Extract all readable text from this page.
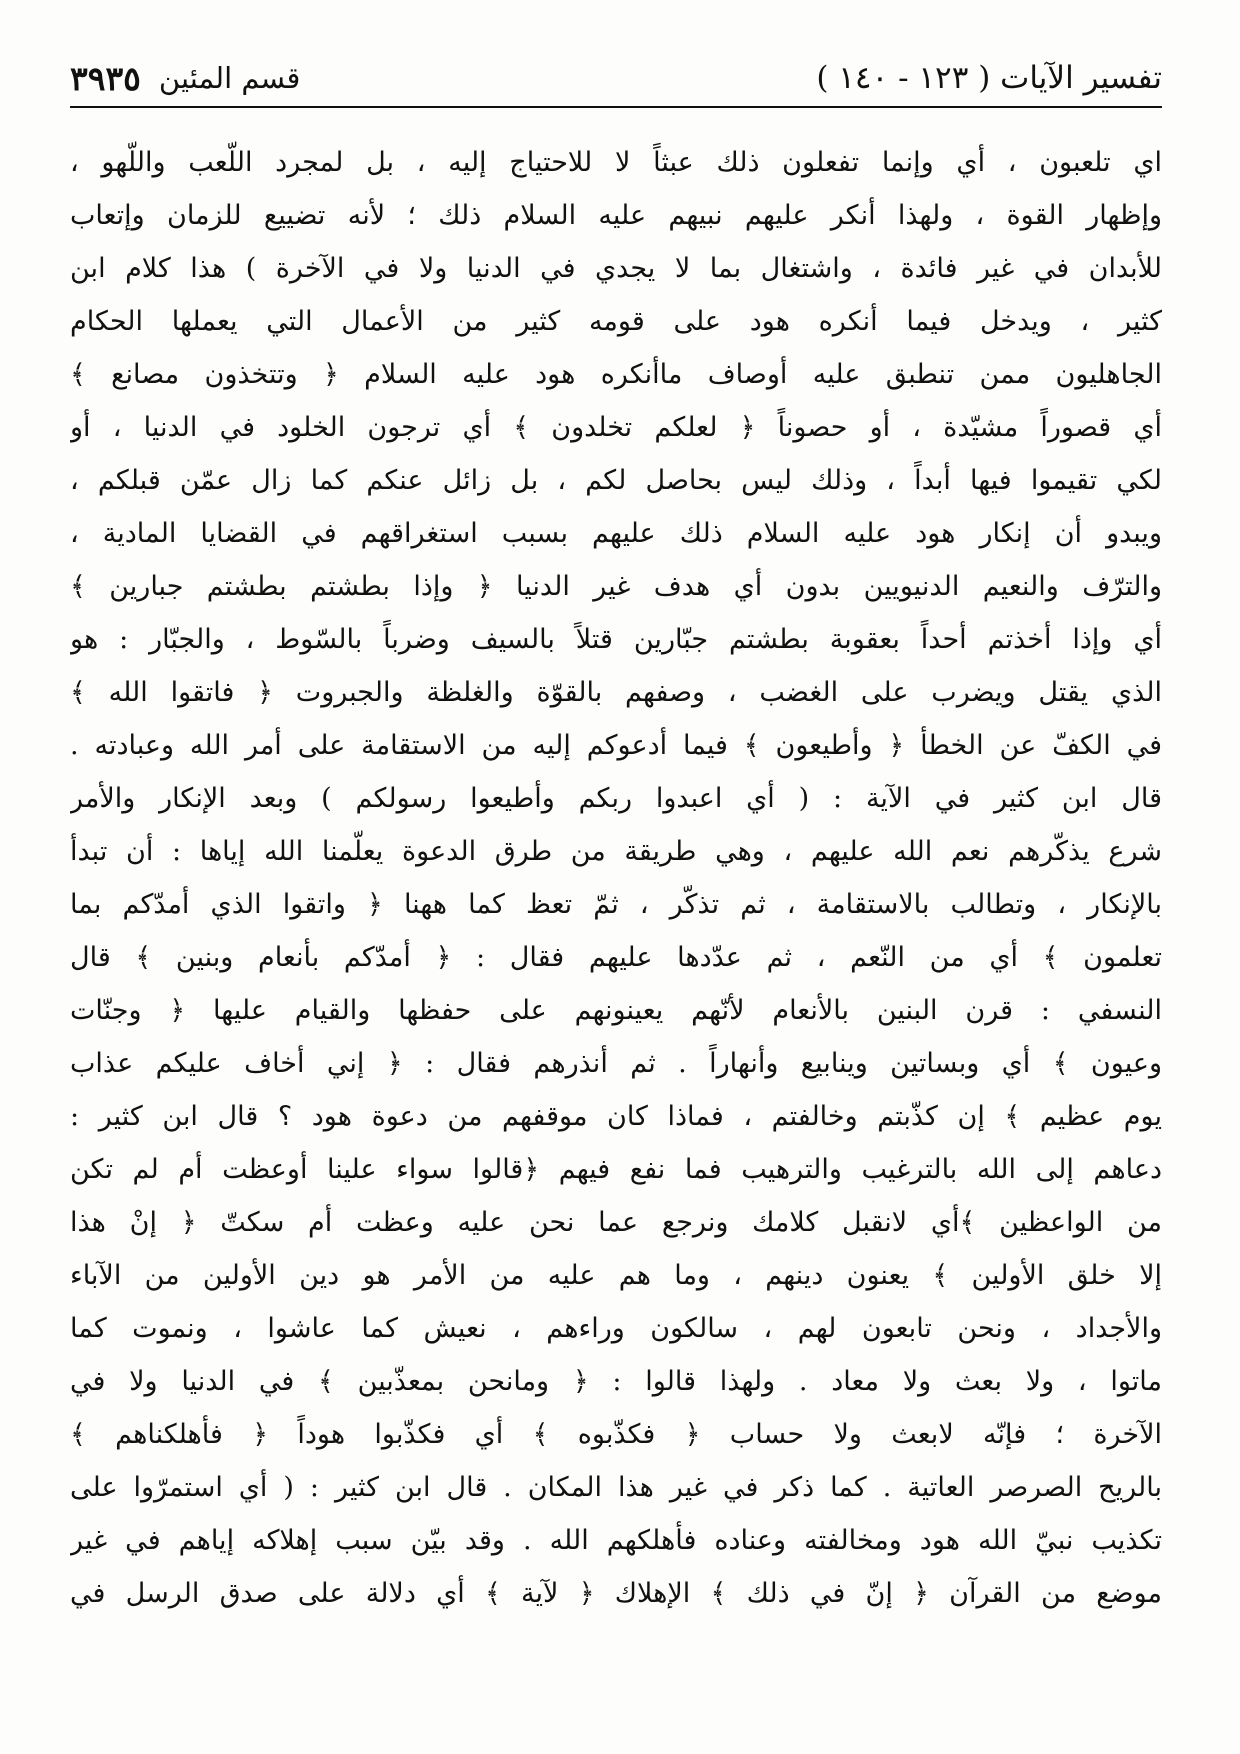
تفسير الآيات ( ١٢٣ - ١٤٠ )
قسم المئين
٣٩٣٥
اي تلعبون ، أي وإنما تفعلون ذلك عبثاً لا للاحتياج إليه ، بل لمجرد اللّعب واللّهو ،
وإظهار القوة ، ولهذا أنكر عليهم نبيهم عليه السلام ذلك ؛ لأنه تضييع للزمان وإتعاب
للأبدان في غير فائدة ، واشتغال بما لا يجدي في الدنيا ولا في الآخرة ) هذا كلام ابن
كثير ، ويدخل فيما أنكره هود على قومه كثير من الأعمال التي يعملها الحكام
الجاهليون ممن تنطبق عليه أوصاف ماأنكره هود عليه السلام ﴿ وتتخذون مصانع ﴾
أي قصوراً مشيّدة ، أو حصوناً ﴿ لعلكم تخلدون ﴾ أي ترجون الخلود في الدنيا ، أو
لكي تقيموا فيها أبداً ، وذلك ليس بحاصل لكم ، بل زائل عنكم كما زال عمّن قبلكم ،
ويبدو أن إنكار هود عليه السلام ذلك عليهم بسبب استغراقهم في القضايا المادية ،
والترّف والنعيم الدنيويين بدون أي هدف غير الدنيا ﴿ وإذا بطشتم بطشتم جبارين ﴾
أي وإذا أخذتم أحداً بعقوبة بطشتم جبّارين قتلاً بالسيف وضرباً بالسّوط ، والجبّار : هو
الذي يقتل ويضرب على الغضب ، وصفهم بالقوّة والغلظة والجبروت ﴿ فاتقوا الله ﴾
في الكفّ عن الخطأ ﴿ وأطيعون ﴾ فيما أدعوكم إليه من الاستقامة على أمر الله وعبادته .
قال ابن كثير في الآية : ( أي اعبدوا ربكم وأطيعوا رسولكم ) وبعد الإنكار والأمر
شرع يذكّرهم نعم الله عليهم ، وهي طريقة من طرق الدعوة يعلّمنا الله إياها : أن تبدأ
بالإنكار ، وتطالب بالاستقامة ، ثم تذكّر ، ثمّ تعظ كما ههنا ﴿ واتقوا الذي أمدّكم بما
تعلمون ﴾ أي من النّعم ، ثم عدّدها عليهم فقال : ﴿ أمدّكم بأنعام وبنين ﴾ قال
النسفي : قرن البنين بالأنعام لأنّهم يعينونهم على حفظها والقيام عليها ﴿ وجنّات
وعيون ﴾ أي وبساتين وينابيع وأنهاراً . ثم أنذرهم فقال : ﴿ إني أخاف عليكم عذاب
يوم عظيم ﴾ إن كذّبتم وخالفتم ، فماذا كان موقفهم من دعوة هود ؟ قال ابن كثير :
دعاهم إلى الله بالترغيب والترهيب فما نفع فيهم ﴿قالوا سواء علينا أوعظت أم لم تكن
من الواعظين ﴾أي لانقبل كلامك ونرجع عما نحن عليه وعظت أم سكتّ ﴿ إنْ هذا
إلا خلق الأولين ﴾ يعنون دينهم ، وما هم عليه من الأمر هو دين الأولين من الآباء
والأجداد ، ونحن تابعون لهم ، سالكون وراءهم ، نعيش كما عاشوا ، ونموت كما
ماتوا ، ولا بعث ولا معاد . ولهذا قالوا : ﴿ ومانحن بمعذّبين ﴾ في الدنيا ولا في
الآخرة ؛ فإنّه لابعث ولا حساب ﴿ فكذّبوه ﴾ أي فكذّبوا هوداً ﴿ فأهلكناهم ﴾
بالريح الصرصر العاتية . كما ذكر في غير هذا المكان . قال ابن كثير : ( أي استمرّوا على
تكذيب نبيّ الله هود ومخالفته وعناده فأهلكهم الله . وقد بيّن سبب إهلاكه إياهم في غير
موضع من القرآن ﴿ إنّ في ذلك ﴾ الإهلاك ﴿ لآية ﴾ أي دلالة على صدق الرسل في
